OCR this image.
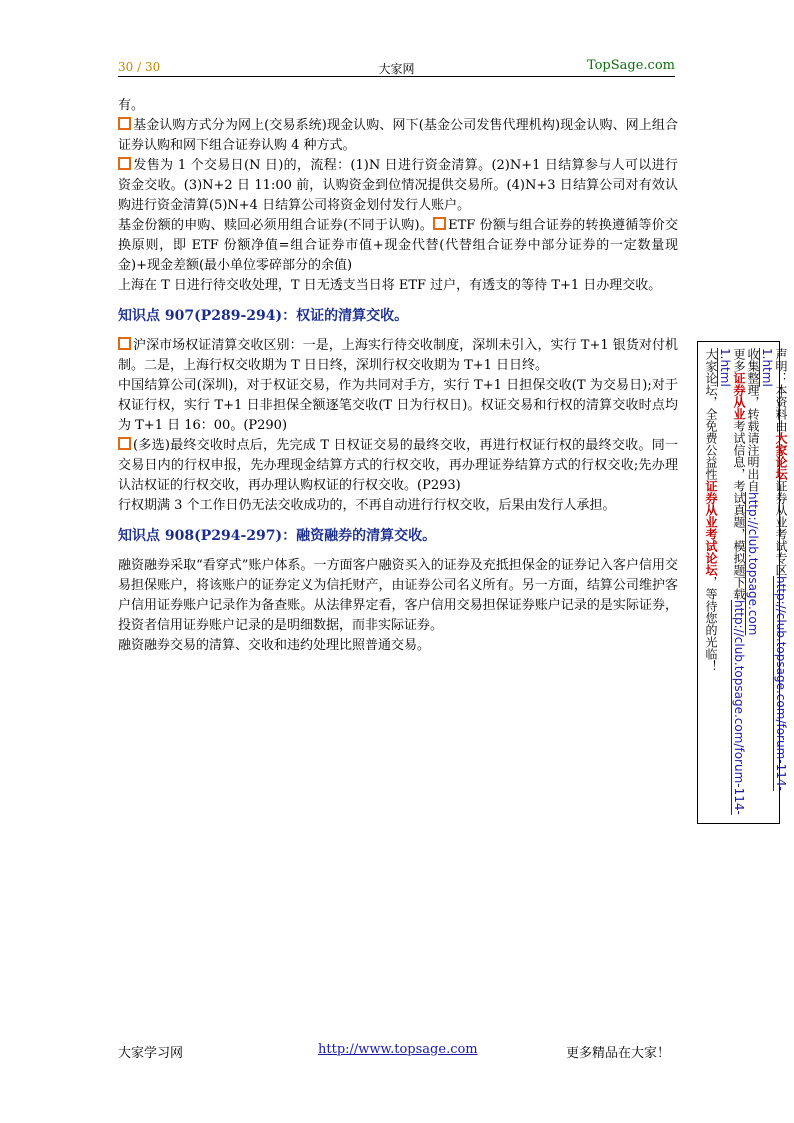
30 / 30	大家网	TopSage.com

有。

基金认购方式分为网上(交易系统)现金认购、网下(基金公司发售代理机构)现金认购、网上组合证券认购和网下组合证券认购 4 种方式。

发售为 1 个交易日(N 日)的，流程：(1)N 日进行资金清算。(2)N+1 日结算参与人可以进行资金交收。(3)N+2 日 11:00 前，认购资金到位情况提供交易所。(4)N+3 日结算公司对有效认购进行资金清算(5)N+4 日结算公司将资金划付发行人账户。

基金份额的申购、赎回必须用组合证券(不同于认购)。 ETF 份额与组合证券的转换遵循等价交换原则，即 ETF 份额净值=组合证券市值+现金代替(代替组合证券中部分证券的一定数量现金)+现金差额(最小单位零碎部分的余值)

上海在 T 日进行待交收处理，T 日无透支当日将 ETF 过户，有透支的等待 T+1 日办理交收。

知识点 907(P289-294)：权证的清算交收。

沪深市场权证清算交收区别：一是，上海实行待交收制度，深圳未引入，实行 T+1 银货对付机制。二是，上海行权交收期为 T 日日终，深圳行权交收期为 T+1 日日终。

中国结算公司(深圳)，对于权证交易，作为共同对手方，实行 T+1 日担保交收(T 为交易日);对于权证行权，实行 T+1 日非担保全额逐笔交收(T 日为行权日)。权证交易和行权的清算交收时点均为 T+1 日 16：00。(P290)

(多选)最终交收时点后，先完成 T 日权证交易的最终交收，再进行权证行权的最终交收。同一交易日内的行权申报，先办理现金结算方式的行权交收，再办理证券结算方式的行权交收;先办理认沽权证的行权交收，再办理认购权证的行权交收。(P293)

行权期满 3 个工作日仍无法交收成功的，不再自动进行行权交收，后果由发行人承担。

知识点 908(P294-297)：融资融券的清算交收。

融资融券采取“看穿式”账户体系。一方面客户融资买入的证券及充抵担保金的证券记入客户信用交易担保账户，将该账户的证券定义为信托财产，由证券公司名义所有。另一方面，结算公司维护客户信用证券账户记录作为备查账。从法律界定看，客户信用交易担保证券账户记录的是实际证券，投资者信用证券账户记录的是明细数据，而非实际证券。

融资融券交易的清算、交收和违约处理比照普通交易。

声明：本资料由大家论坛证券从业考试专区http://club.topsage.com/forum-114-1.html
收集整理，转载请注明出自http://club.topsage.com
更多证券从业考试信息，考试真题，模拟题下载http://club.topsage.com/forum-114-1.html
大家论坛，全免费公益性证券从业考试论坛，等待您的光临！
大家学习网	http://www.topsage.com	更多精品在大家！
